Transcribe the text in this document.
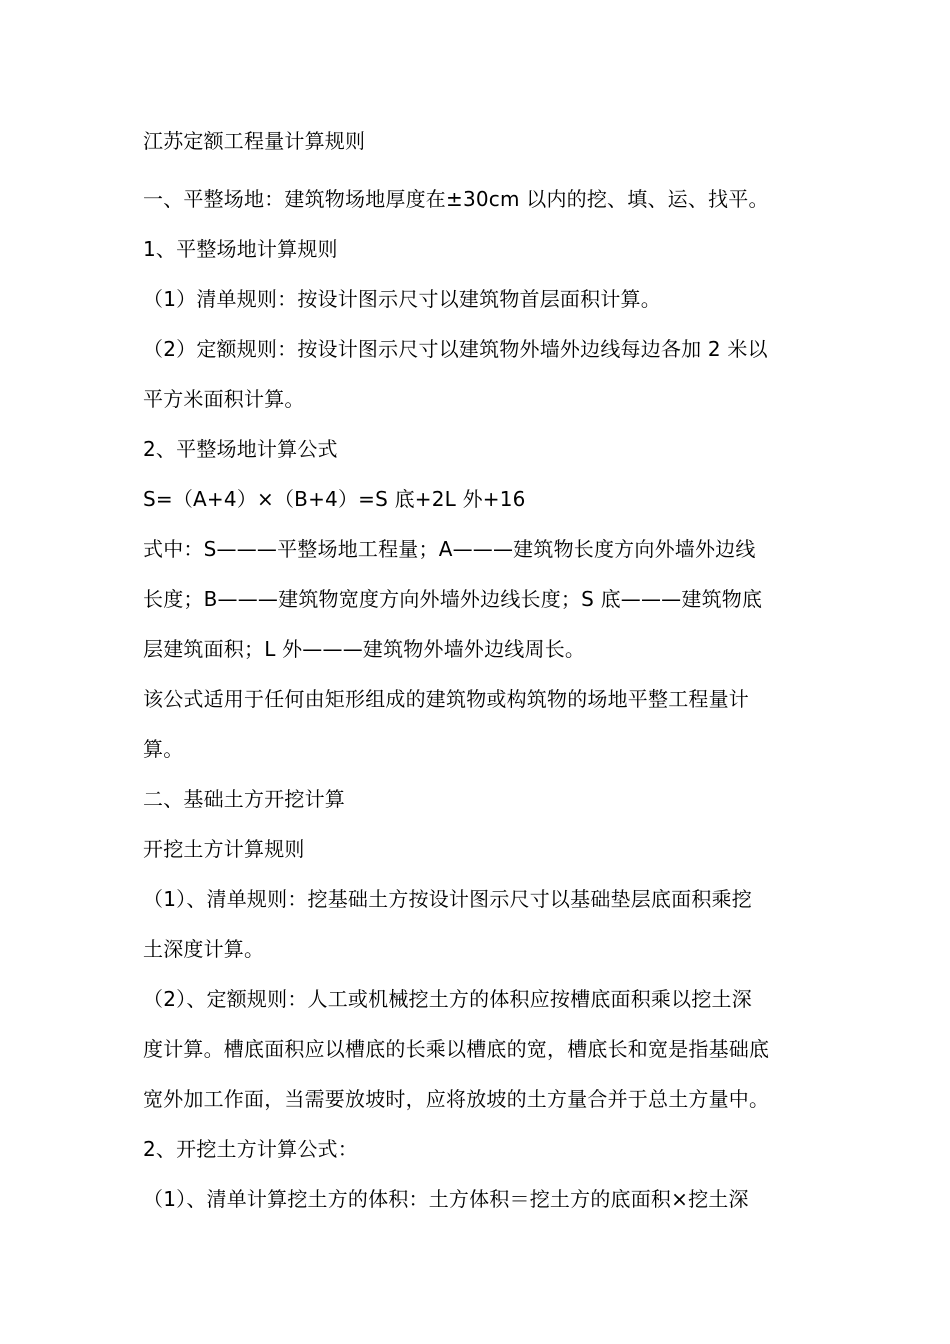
江苏定额工程量计算规则
一、平整场地：建筑物场地厚度在±30cm 以内的挖、填、运、找平。
1、平整场地计算规则
（1）清单规则：按设计图示尺寸以建筑物首层面积计算。
（2）定额规则：按设计图示尺寸以建筑物外墙外边线每边各加 2 米以
平方米面积计算。
2、平整场地计算公式
S=（A+4）×（B+4）=S 底+2L 外+16
式中：S———平整场地工程量；A———建筑物长度方向外墙外边线
长度；B———建筑物宽度方向外墙外边线长度；S 底———建筑物底
层建筑面积；L 外———建筑物外墙外边线周长。
该公式适用于任何由矩形组成的建筑物或构筑物的场地平整工程量计
算。
二、基础土方开挖计算
开挖土方计算规则
（1）、清单规则：挖基础土方按设计图示尺寸以基础垫层底面积乘挖
土深度计算。
（2）、定额规则：人工或机械挖土方的体积应按槽底面积乘以挖土深
度计算。槽底面积应以槽底的长乘以槽底的宽，槽底长和宽是指基础底
宽外加工作面，当需要放坡时，应将放坡的土方量合并于总土方量中。
2、开挖土方计算公式：
（1）、清单计算挖土方的体积：土方体积＝挖土方的底面积×挖土深
